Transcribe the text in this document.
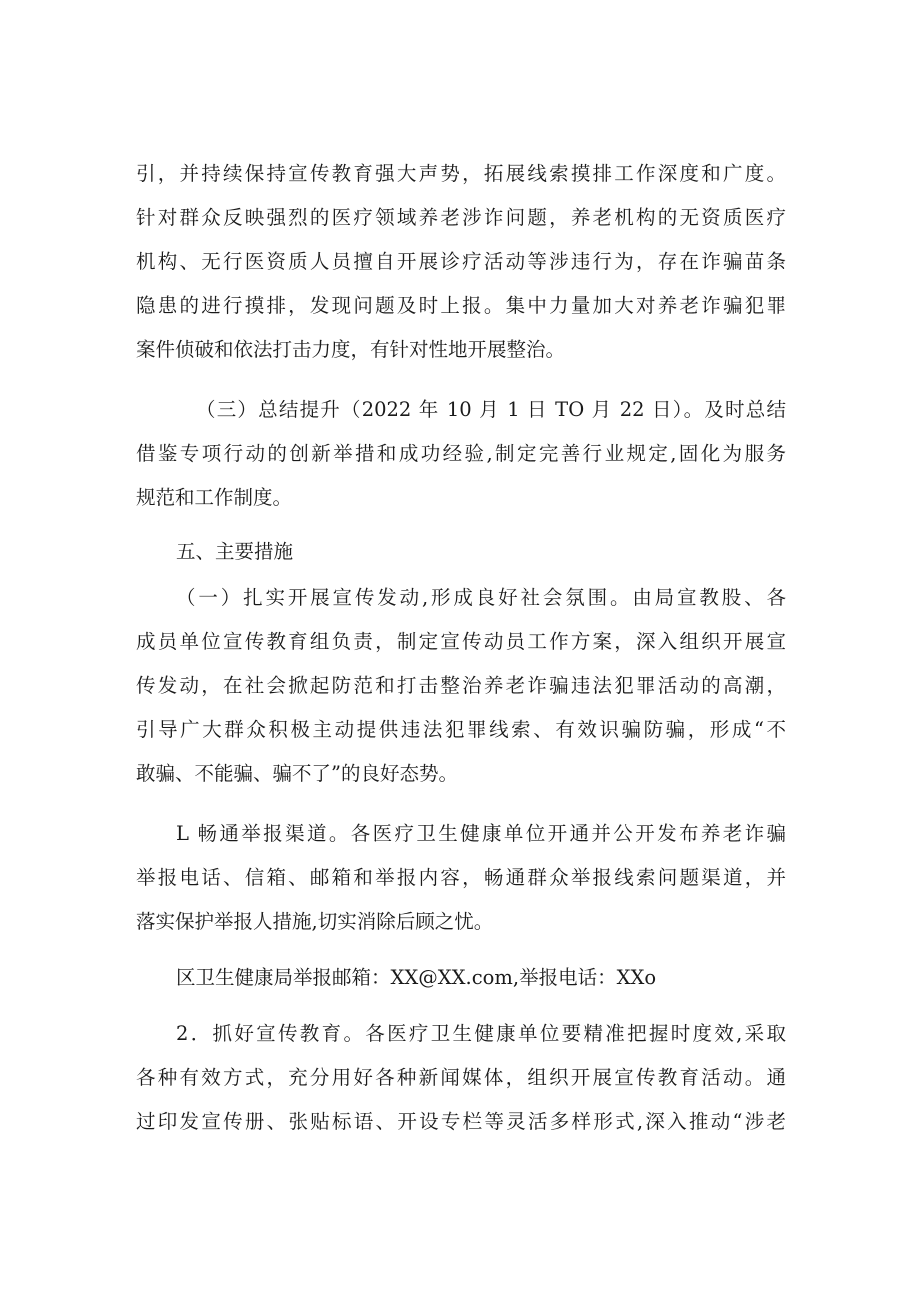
引，并持续保持宣传教育强大声势，拓展线索摸排工作深度和广度。
针对群众反映强烈的医疗领域养老涉诈问题，养老机构的无资质医疗
机构、无行医资质人员擅自开展诊疗活动等涉违行为，存在诈骗苗条
隐患的进行摸排，发现问题及时上报。集中力量加大对养老诈骗犯罪
案件侦破和依法打击力度，有针对性地开展整治。
（三）总结提升（2022 年 10 月 1 日 TO 月 22 日）。及时总结
借鉴专项行动的创新举措和成功经验,制定完善行业规定,固化为服务
规范和工作制度。
五、主要措施
（一）扎实开展宣传发动,形成良好社会氛围。由局宣教股、各
成员单位宣传教育组负责，制定宣传动员工作方案，深入组织开展宣
传发动，在社会掀起防范和打击整治养老诈骗违法犯罪活动的高潮，
引导广大群众积极主动提供违法犯罪线索、有效识骗防骗，形成“不
敢骗、不能骗、骗不了”的良好态势。
L 畅通举报渠道。各医疗卫生健康单位开通并公开发布养老诈骗
举报电话、信箱、邮箱和举报内容，畅通群众举报线索问题渠道，并
落实保护举报人措施,切实消除后顾之忧。
区卫生健康局举报邮箱：XX@XX.com,举报电话：XXo
2．抓好宣传教育。各医疗卫生健康单位要精准把握时度效,采取
各种有效方式，充分用好各种新闻媒体，组织开展宣传教育活动。通
过印发宣传册、张贴标语、开设专栏等灵活多样形式,深入推动“涉老
